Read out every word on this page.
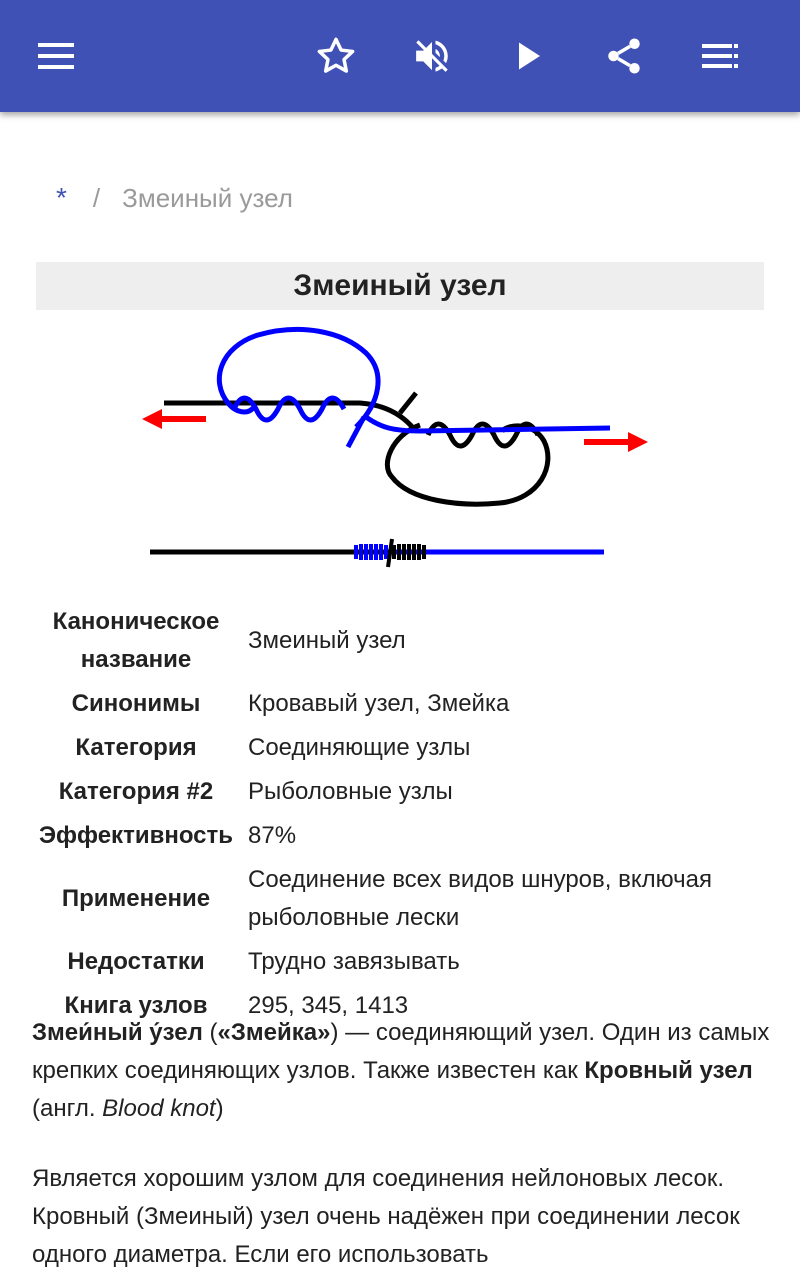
* / Змеиный узел
Змеиный узел
Каноническое название	Змеиный узел
Синонимы	Кровавый узел, Змейка
Категория	Соединяющие узлы
Категория #2	Рыболовные узлы
Эффективность	87%
Применение	Соединение всех видов шнуров, включая рыболовные лески
Недостатки	Трудно завязывать
Книга узлов	295, 345, 1413

Змеи́ный у́зел («Змейка») — соединяющий узел. Один из самых крепких соединяющих узлов. Также известен как Кровный узел (англ. Blood knot)

Является хорошим узлом для соединения нейлоновых лесок. Кровный (Змеиный) узел очень надёжен при соединении лесок одного диаметра. Если его использовать
